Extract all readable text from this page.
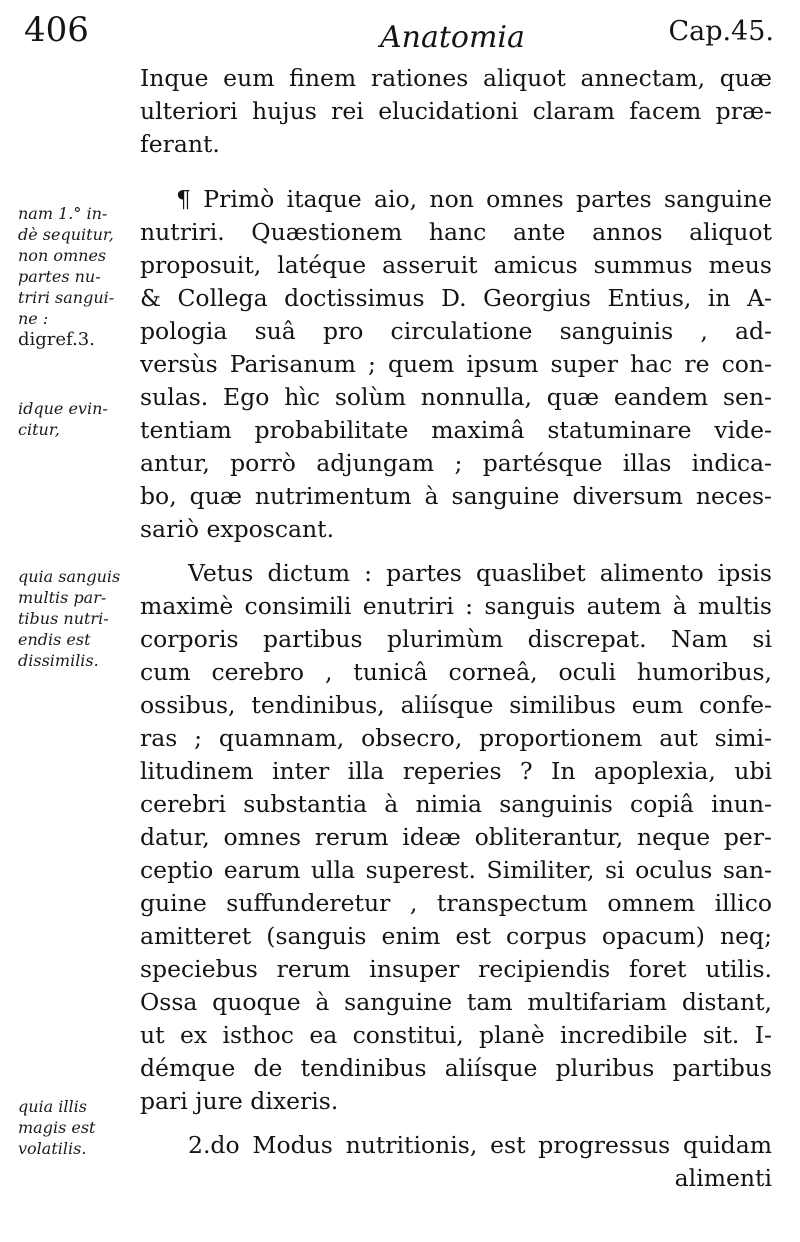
406	Anatomia	Cap.45.
nam 1.° in-
dè sequitur,
non omnes
partes nu-
triri sangui-
ne :
digref.3.
idque evin-
citur,
quia sanguis
multis par-
tibus nutri-
endis est
dissimilis.
quia illis
magis est
volatilis.
Inque eum finem rationes aliquot annectam, quæ
ulteriori hujus rei elucidationi claram facem præ-
ferant.
¶ Primò itaque aio, non omnes partes sanguine
nutriri. Quæstionem hanc ante annos aliquot
proposuit, latéque asseruit amicus summus meus
& Collega doctissimus D. Georgius Entius, in A-
pologia suâ pro circulatione sanguinis , ad-
versùs Parisanum ; quem ipsum super hac re con-
sulas. Ego hìc solùm nonnulla, quæ eandem sen-
tentiam probabilitate maximâ statuminare vide-
antur, porrò adjungam ; partésque illas indica-
bo, quæ nutrimentum à sanguine diversum neces-
sariò exposcant.
Vetus dictum : partes quaslibet alimento ipsis
maximè consimili enutriri : sanguis autem à multis
corporis partibus plurimùm discrepat. Nam si
cum cerebro , tunicâ corneâ, oculi humoribus,
ossibus, tendinibus, aliísque similibus eum confe-
ras ; quamnam, obsecro, proportionem aut simi-
litudinem inter illa reperies ? In apoplexia, ubi
cerebri substantia à nimia sanguinis copiâ inun-
datur, omnes rerum ideæ obliterantur, neque per-
ceptio earum ulla superest. Similiter, si oculus san-
guine suffunderetur , transpectum omnem illico
amitteret (sanguis enim est corpus opacum) neq;
speciebus rerum insuper recipiendis foret utilis.
Ossa quoque à sanguine tam multifariam distant,
ut ex isthoc ea constitui, planè incredibile sit. I-
démque de tendinibus aliísque pluribus partibus
pari jure dixeris.
2.do Modus nutritionis, est progressus quidam
alimenti
